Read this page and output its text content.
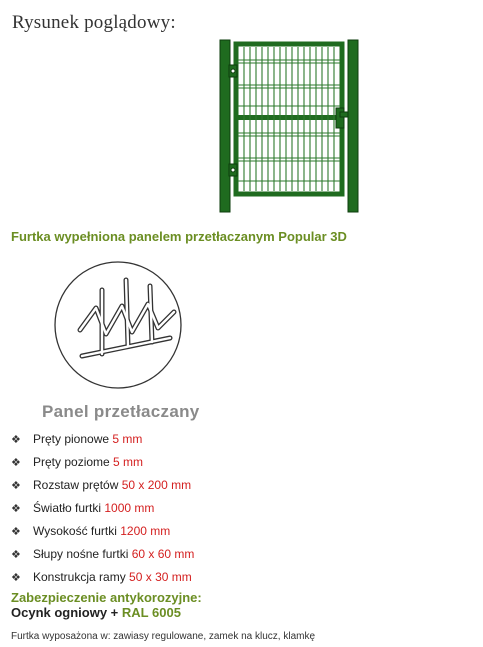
Rysunek poglądowy:
Furtka wypełniona panelem przetłaczanym Popular 3D
Panel przetłaczany
❖ Pręty pionowe 5 mm
❖ Pręty poziome 5 mm
❖ Rozstaw prętów 50 x 200 mm
❖ Światło furtki 1000 mm
❖ Wysokość furtki 1200 mm
❖ Słupy nośne furtki 60 x 60 mm
❖ Konstrukcja ramy 50 x 30 mm
Zabezpieczenie antykorozyjne:
Ocynk ogniowy + RAL 6005
Furtka wyposażona w: zawiasy regulowane, zamek na klucz, klamkę
